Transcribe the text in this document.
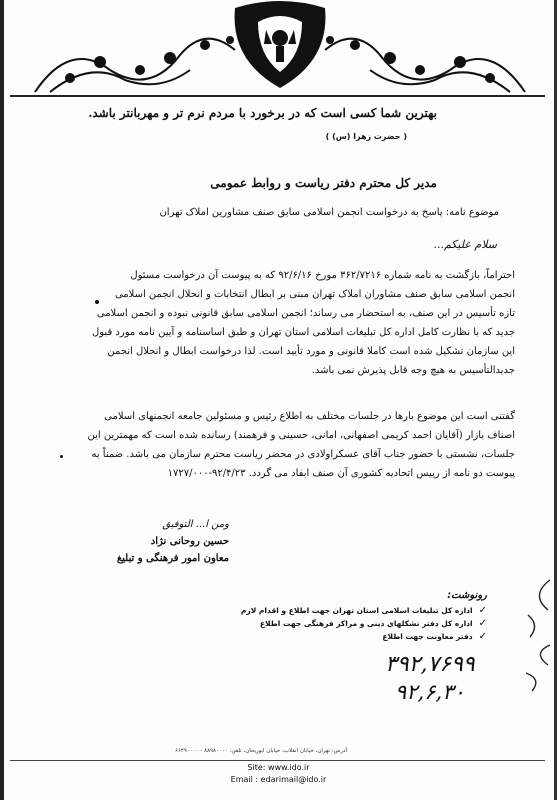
بهترین شما کسی است که در برخورد با مردم نرم تر و مهربانتر باشد.
( حضرت زهرا (س) )
مدیر کل محترم دفتر ریاست و روابط عمومی
موضوع نامه: پاسخ به درخواست انجمن اسلامی سابق صنف مشاورین املاک تهران
سلام علیکم...
احتراماً، بازگشت به نامه شماره ۳۶۲/۷۲۱۶ مورخ ۹۲/۶/۱۶ که به پیوست آن درخواست مسئول
انجمن اسلامی سابق صنف مشاوران املاک تهران مبنی بر ابطال انتخابات و انحلال انجمن اسلامی
تازه تأسیس در این صنف، به استحضار می رساند؛ انجمن اسلامی سابق قانونی نبوده و انجمن اسلامی
جدید که با نظارت کامل اداره کل تبلیغات اسلامی استان تهران و طبق اساسنامه و آیین نامه مورد قبول
این سازمان تشکیل شده است کاملا قانونی و مورد تأیید است. لذا درخواست ابطال و انحلال انجمن
جدیدالتأسیس به هیچ وجه قابل پذیرش نمی باشد.
گفتنی است این موضوع بارها در جلسات مختلف به اطلاع رئیس و مسئولین جامعه انجمنهای اسلامی
اصناف بازار (آقایان احمد کریمی اصفهانی، امانی، حسینی و فرهمند) رسانده شده است که مهمترین این
جلسات، نشستی با حضور جناب آقای عسکراولادی در محضر ریاست محترم سازمان می باشد. ضمناً به
پیوست دو نامه از رییس اتحادیه کشوری آن صنف ابفاد می گردد. ۹۲/۴/۲۳-۱۷۲۷/۰۰۰
ومن ا... التوفیق
حسین روحانی نژاد
معاون امور فرهنگی و تبلیغ
رونوشت:
✓ اداره کل تبلیغات اسلامی استان تهران جهت اطلاع و اقدام لازم
✓ اداره کل دفتر تشکلهای دینی و مراکز فرهنگی جهت اطلاع
✓ دفتر معاونت جهت اطلاع
۳۹۲,۷۶۹۹
۹۲,۶,۳۰
آدرس: تهران، خیابان انقلاب، خیابان ابوریحان، تلفن: ۸۸۹۸۰۰۰۰ - ۶۶۴۹۰۰۰۰
Site: www.ido.ir
Email : edarimail@ido.ir
